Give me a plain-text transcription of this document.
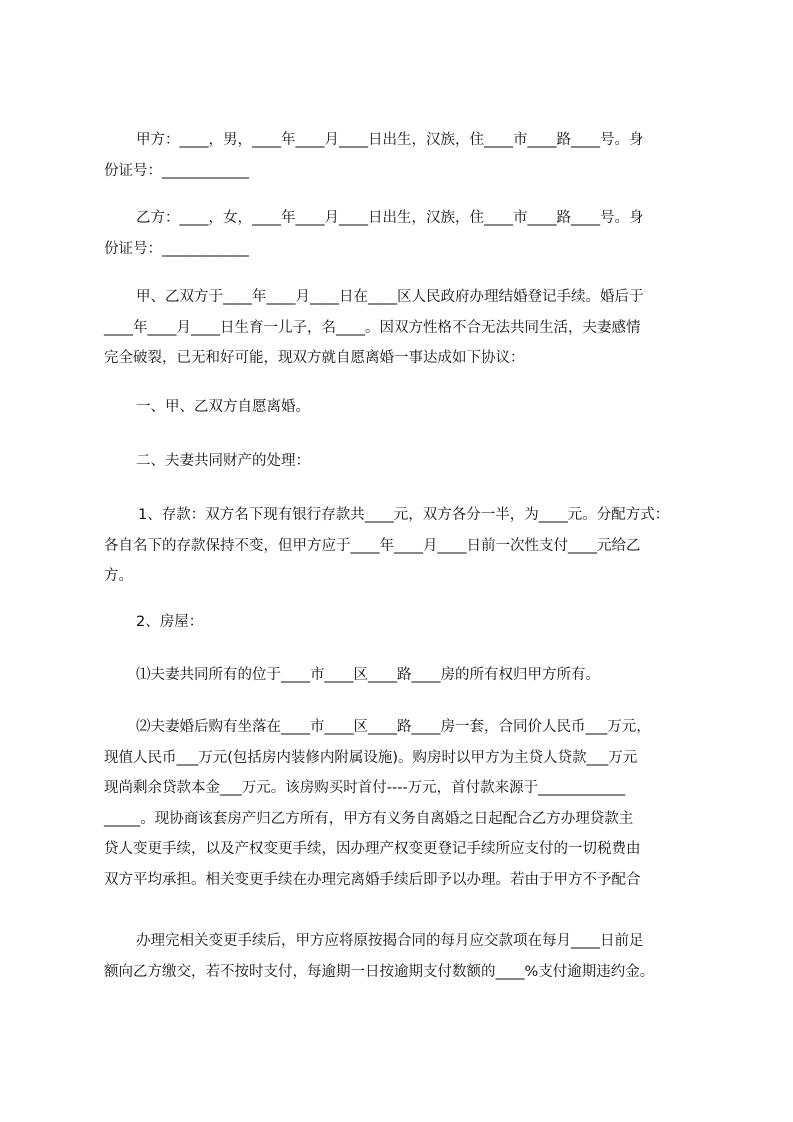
甲方：____，男，____年____月____日出生，汉族，住____市____路____号。身
份证号：____________

乙方：____，女，____年____月____日出生，汉族，住____市____路____号。身
份证号：____________

甲、乙双方于____年____月____日在____区人民政府办理结婚登记手续。婚后于
____年____月____日生育一儿子，名____。因双方性格不合无法共同生活，夫妻感情
完全破裂，已无和好可能，现双方就自愿离婚一事达成如下协议：

一、甲、乙双方自愿离婚。

二、夫妻共同财产的处理：

1、存款：双方名下现有银行存款共____元，双方各分一半，为____元。分配方式：
各自名下的存款保持不变，但甲方应于____年____月____日前一次性支付____元给乙
方。

2、房屋：

⑴夫妻共同所有的位于____市____区____路____房的所有权归甲方所有。

⑵夫妻婚后购有坐落在____市____区____路____房一套，合同价人民币___万元，
现值人民币___万元(包括房内装修内附属设施)。购房时以甲方为主贷人贷款___万元
现尚剩余贷款本金___万元。该房购买时首付----万元，首付款来源于____________
_____。现协商该套房产归乙方所有，甲方有义务自离婚之日起配合乙方办理贷款主
贷人变更手续，以及产权变更手续，因办理产权变更登记手续所应支付的一切税费由
双方平均承担。相关变更手续在办理完离婚手续后即予以办理。若由于甲方不予配合

办理完相关变更手续后，甲方应将原按揭合同的每月应交款项在每月____日前足
额向乙方缴交，若不按时支付，每逾期一日按逾期支付数额的____%支付逾期违约金。
